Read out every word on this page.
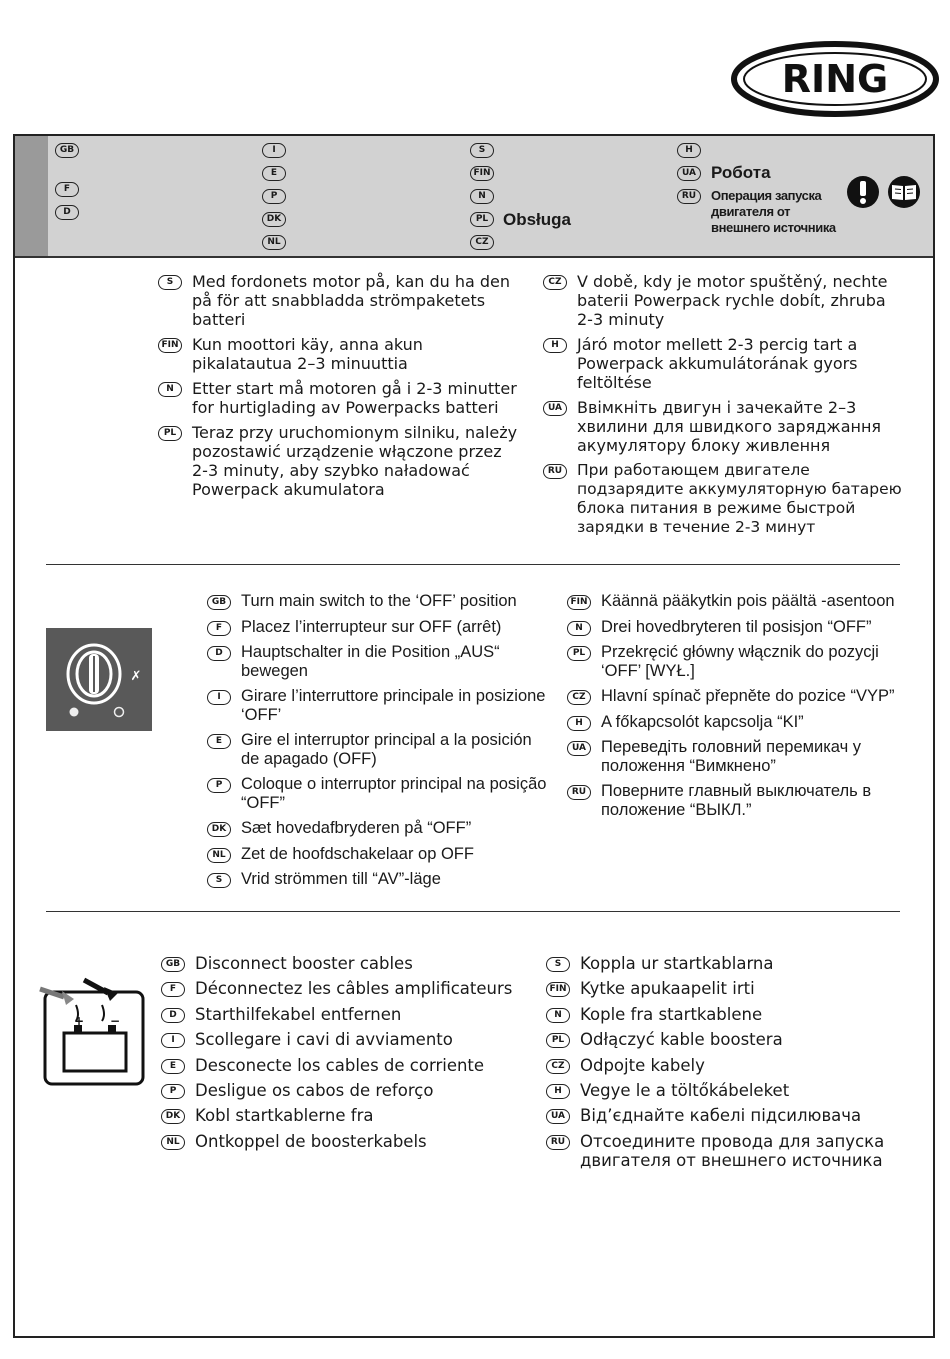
RING
GB
F
D
I
E
P
DK
NL
S
FIN
N
PL Obsługa
CZ
H
UA Робота
RU	Операция запуска двигателя от внешнего источника
S	Med fordonets motor på, kan du ha den på för att snabbladda strömpaketets batteri
FIN Kun moottori käy, anna akun pikalatautua 2–3 minuuttia
N	Etter start må motoren gå i 2-3 minutter for hurtiglading av Powerpacks batteri
PL Teraz przy uruchomionym silniku, należy pozostawić urządzenie włączone przez 2-3 minuty, aby szybko naładować Powerpack akumulatora
CZ V době, kdy je motor spuštěný, nechte baterii Powerpack rychle dobít, zhruba 2-3 minuty
H	Járó motor mellett 2-3 percig tart a Powerpack akkumulátorának gyors feltöltése
UA Ввімкніть двигун і зачекайте 2–3 хвилини для швидкого заряджання акумулятору блоку живлення
RU При работающем двигателе подзарядите аккумуляторную батарею блока питания в режиме быстрой зарядки в течение 2-3 минут
✗
GB Turn main switch to the ‘OFF’ position
F	Placez l’interrupteur sur OFF (arrêt)
D	Hauptschalter in die Position „AUS“ bewegen
I	Girare l’interruttore principale in posizione ‘OFF’
E	Gire el interruptor principal a la posición de apagado (OFF)
P	Coloque o interruptor principal na posição “OFF”
DK Sæt hovedafbryderen på “OFF”
NL Zet de hoofdschakelaar op OFF
S	Vrid strömmen till “AV”-läge
FIN Käännä pääkytkin pois päältä -asentoon
N	Drei hovedbryteren til posisjon “OFF”
PL Przekręcić główny włącznik do pozycji ‘OFF’ [WYŁ.]
CZ Hlavní spínač přepněte do pozice “VYP”
H	A főkapcsolót kapcsolja “KI”
UA Переведіть головний перемикач у положення “Вимкнено”
RU Поверните главный выключатель в положение “ВЫКЛ.”
+ −
GB Disconnect booster cables
F	Déconnectez les câbles amplificateurs
D	Starthilfekabel entfernen
I	Scollegare i cavi di avviamento
E	Desconecte los cables de corriente
P	Desligue os cabos de reforço
DK Kobl startkablerne fra
NL Ontkoppel de boosterkabels
S	Koppla ur startkablarna
FIN Kytke apukaapelit irti
N	Kople fra startkablene
PL Odłączyć kable boostera
CZ Odpojte kabely
H	Vegye le a töltőkábeleket
UA Від’єднайте кабелі підсилювача
RU Отсоедините провода для запуска двигателя от внешнего источника
